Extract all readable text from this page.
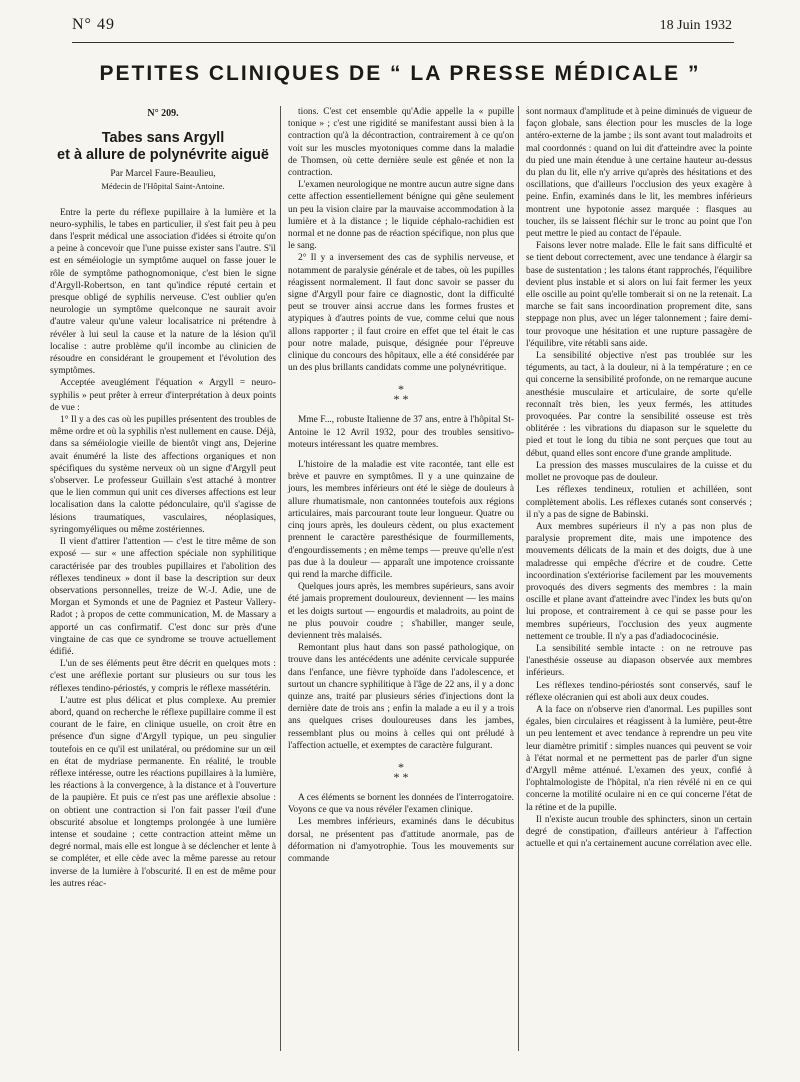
N° 49	18 Juin 1932
PETITES CLINIQUES DE “ LA PRESSE MÉDICALE ”

N° 209.

Tabes sans Argyll

et à allure de polynévrite aiguë

Par Marcel Faure-Beaulieu,

Médecin de l'Hôpital Saint-Antoine.

Entre la perte du réflexe pupillaire à la lumière et la neuro-syphilis, le tabes en particulier, il s'est fait peu à peu dans l'esprit médical une association d'idées si étroite qu'on a peine à concevoir que l'une puisse exister sans l'autre. S'il est en séméiologie un symptôme auquel on fasse jouer le rôle de symptôme pathognomonique, c'est bien le signe d'Argyll-Robertson, en tant qu'indice réputé certain et presque obligé de syphilis nerveuse. C'est oublier qu'en neurologie un symptôme quelconque ne saurait avoir d'autre valeur qu'une valeur localisatrice ni prétendre à révéler à lui seul la cause et la nature de la lésion qu'il localise : autre problème qu'il incombe au clinicien de résoudre en considérant le groupement et l'évolution des symptômes.

Acceptée aveuglément l'équation « Argyll = neuro-syphilis » peut prêter à erreur d'interprétation à deux points de vue :

1° Il y a des cas où les pupilles présentent des troubles de même ordre et où la syphilis n'est nullement en cause. Déjà, dans sa séméiologie vieille de bientôt vingt ans, Dejerine avait énuméré la liste des affections organiques et non spécifiques du système nerveux où un signe d'Argyll peut s'observer. Le professeur Guillain s'est attaché à montrer que le lien commun qui unit ces diverses affections est leur localisation dans la calotte pédonculaire, qu'il s'agisse de lésions traumatiques, vasculaires, néoplasiques, syringomyéliques ou même zostériennes.

Il vient d'attirer l'attention — c'est le titre même de son exposé — sur « une affection spéciale non syphilitique caractérisée par des troubles pupillaires et l'abolition des réflexes tendineux » dont il base la description sur deux observations personnelles, treize de W.-J. Adie, une de Morgan et Symonds et une de Pagniez et Pasteur Vallery-Radot ; à propos de cette communication, M. de Massary a apporté un cas confirmatif. C'est donc sur près d'une vingtaine de cas que ce syndrome se trouve actuellement édifié.

L'un de ses éléments peut être décrit en quelques mots : c'est une aréflexie portant sur plusieurs ou sur tous les réflexes tendino-périostés, y compris le réflexe massétérin.

L'autre est plus délicat et plus complexe. Au premier abord, quand on recherche le réflexe pupillaire comme il est courant de le faire, en clinique usuelle, on croit être en présence d'un signe d'Argyll typique, un peu singulier toutefois en ce qu'il est unilatéral, ou prédomine sur un œil en état de mydriase permanente. En réalité, le trouble réflexe intéresse, outre les réactions pupillaires à la lumière, les réactions à la convergence, à la distance et à l'ouverture de la paupière. Et puis ce n'est pas une aréflexie absolue : on obtient une contraction si l'on fait passer l'œil d'une obscurité absolue et longtemps prolongée à une lumière intense et soudaine ; cette contraction atteint même un degré normal, mais elle est longue à se déclencher et lente à se compléter, et elle cède avec la même paresse au retour inverse de la lumière à l'obscurité. Il en est de même pour les autres réac-

tions. C'est cet ensemble qu'Adie appelle la « pupille tonique » ; c'est une rigidité se manifestant aussi bien à la contraction qu'à la décontraction, contrairement à ce qu'on voit sur les muscles myotoniques comme dans la maladie de Thomsen, où cette dernière seule est gênée et non la contraction.

L'examen neurologique ne montre aucun autre signe dans cette affection essentiellement bénigne qui gêne seulement un peu la vision claire par la mauvaise accommodation à la lumière et à la distance ; le liquide céphalo-rachidien est normal et ne donne pas de réaction spécifique, non plus que le sang.

2° Il y a inversement des cas de syphilis nerveuse, et notamment de paralysie générale et de tabes, où les pupilles réagissent normalement. Il faut donc savoir se passer du signe d'Argyll pour faire ce diagnostic, dont la difficulté peut se trouver ainsi accrue dans les formes frustes et atypiques à d'autres points de vue, comme celui que nous allons rapporter ; il faut croire en effet que tel était le cas pour notre malade, puisque, désignée pour l'épreuve clinique du concours des hôpitaux, elle a été considérée par un des plus brillants candidats comme une polynévritique.

*
* *

Mme F..., robuste Italienne de 37 ans, entre à l'hôpital St-Antoine le 12 Avril 1932, pour des troubles sensitivo-moteurs intéressant les quatre membres.

L'histoire de la maladie est vite racontée, tant elle est brève et pauvre en symptômes. Il y a une quinzaine de jours, les membres inférieurs ont été le siège de douleurs à allure rhumatismale, non cantonnées toutefois aux régions articulaires, mais parcourant toute leur longueur. Quatre ou cinq jours après, les douleurs cèdent, ou plus exactement prennent le caractère paresthésique de fourmillements, d'engourdissements ; en même temps — preuve qu'elle n'est pas due à la douleur — apparaît une impotence croissante qui rend la marche difficile.

Quelques jours après, les membres supérieurs, sans avoir été jamais proprement douloureux, deviennent — les mains et les doigts surtout — engourdis et maladroits, au point de ne plus pouvoir coudre ; s'habiller, manger seule, deviennent très malaisés.

Remontant plus haut dans son passé pathologique, on trouve dans les antécédents une adénite cervicale suppurée dans l'enfance, une fièvre typhoïde dans l'adolescence, et surtout un chancre syphilitique à l'âge de 22 ans, il y a donc quinze ans, traité par plusieurs séries d'injections dont la dernière date de trois ans ; enfin la malade a eu il y a trois ans quelques crises douloureuses dans les jambes, ressemblant plus ou moins à celles qui ont préludé à l'affection actuelle, et exemptes de caractère fulgurant.

*
* *

A ces éléments se bornent les données de l'interrogatoire. Voyons ce que va nous révéler l'examen clinique.

Les membres inférieurs, examinés dans le décubitus dorsal, ne présentent pas d'attitude anormale, pas de déformation ni d'amyotrophie. Tous les mouvements sur commande

sont normaux d'amplitude et à peine diminués de vigueur de façon globale, sans élection pour les muscles de la loge antéro-externe de la jambe ; ils sont avant tout maladroits et mal coordonnés : quand on lui dit d'atteindre avec la pointe du pied une main étendue à une certaine hauteur au-dessus du plan du lit, elle n'y arrive qu'après des hésitations et des oscillations, que d'ailleurs l'occlusion des yeux exagère à peine. Enfin, examinés dans le lit, les membres inférieurs montrent une hypotonie assez marquée : flasques au toucher, ils se laissent fléchir sur le tronc au point que l'on peut mettre le pied au contact de l'épaule.

Faisons lever notre malade. Elle le fait sans difficulté et se tient debout correctement, avec une tendance à élargir sa base de sustentation ; les talons étant rapprochés, l'équilibre devient plus instable et si alors on lui fait fermer les yeux elle oscille au point qu'elle tomberait si on ne la retenait. La marche se fait sans incoordination proprement dite, sans steppage non plus, avec un léger talonnement ; faire demi-tour provoque une hésitation et une rupture passagère de l'équilibre, vite rétabli sans aide.

La sensibilité objective n'est pas troublée sur les téguments, au tact, à la douleur, ni à la température ; en ce qui concerne la sensibilité profonde, on ne remarque aucune anesthésie musculaire et articulaire, de sorte qu'elle reconnaît très bien, les yeux fermés, les attitudes provoquées. Par contre la sensibilité osseuse est très oblitérée : les vibrations du diapason sur le squelette du pied et tout le long du tibia ne sont perçues que tout au début, quand elles sont encore d'une grande amplitude.

La pression des masses musculaires de la cuisse et du mollet ne provoque pas de douleur.

Les réflexes tendineux, rotulien et achilléen, sont complètement abolis. Les réflexes cutanés sont conservés ; il n'y a pas de signe de Babinski.

Aux membres supérieurs il n'y a pas non plus de paralysie proprement dite, mais une impotence des mouvements délicats de la main et des doigts, due à une maladresse qui empêche d'écrire et de coudre. Cette incoordination s'extériorise facilement par les mouvements provoqués des divers segments des membres : la main oscille et plane avant d'atteindre avec l'index les buts qu'on lui propose, et contrairement à ce qui se passe pour les membres supérieurs, l'occlusion des yeux augmente nettement ce trouble. Il n'y a pas d'adiadococinésie.

La sensibilité semble intacte : on ne retrouve pas l'anesthésie osseuse au diapason observée aux membres inférieurs.

Les réflexes tendino-périostés sont conservés, sauf le réflexe olécranien qui est aboli aux deux coudes.

A la face on n'observe rien d'anormal. Les pupilles sont égales, bien circulaires et réagissent à la lumière, peut-être un peu lentement et avec tendance à reprendre un peu vite leur diamètre primitif : simples nuances qui peuvent se voir à l'état normal et ne permettent pas de parler d'un signe d'Argyll même atténué. L'examen des yeux, confié à l'ophtalmologiste de l'hôpital, n'a rien révélé ni en ce qui concerne la motilité oculaire ni en ce qui concerne l'état de la rétine et de la pupille.

Il n'existe aucun trouble des sphincters, sinon un certain degré de constipation, d'ailleurs antérieur à l'affection actuelle et qui n'a certainement aucune corrélation avec elle.
